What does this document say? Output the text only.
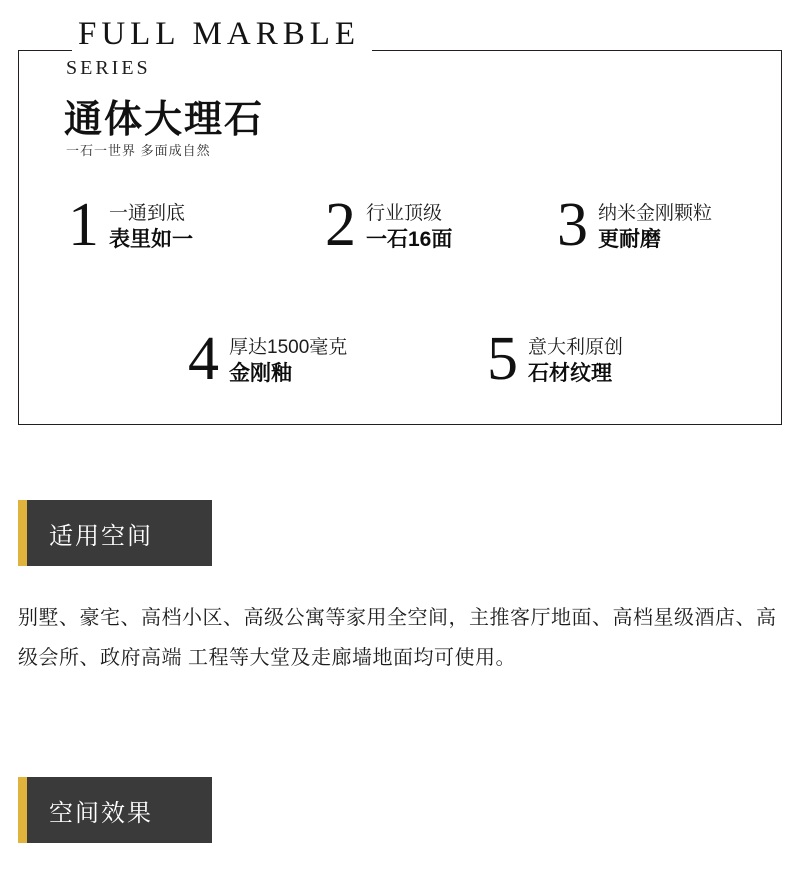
FULL MARBLE
SERIES
通体大理石
一石一世界 多面成自然
1 一通到底
表里如一 2 行业顶级
一石16面 3 纳米金刚颗粒
更耐磨
4 厚达1500毫克
金刚釉	5 意大利原创
石材纹理
适用空间
别墅、豪宅、高档小区、高级公寓等家用全空间，主推客厅地面、高档星级酒店、高级会所、政府高端 工程等大堂及走廊墙地面均可使用。
空间效果
